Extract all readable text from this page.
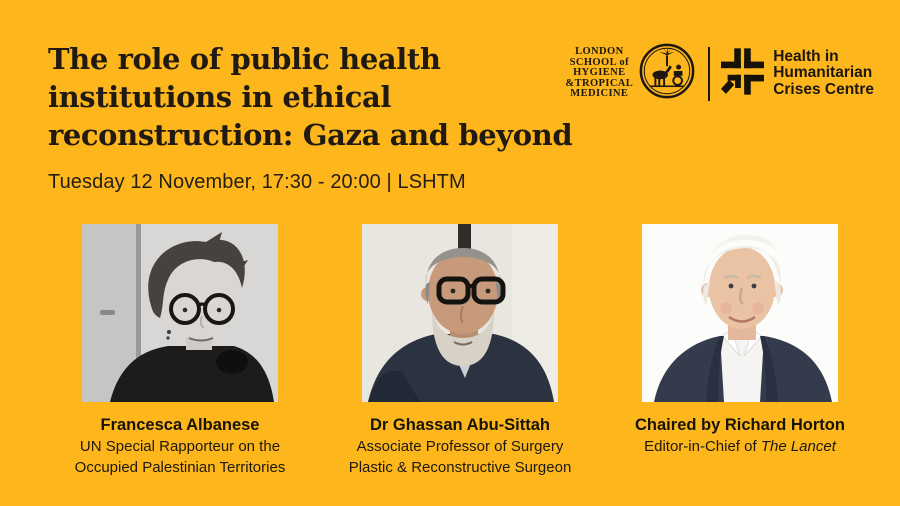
The role of public health
institutions in ethical
reconstruction: Gaza and beyond
Tuesday 12 November, 17:30 - 20:00 | LSHTM
LONDON
SCHOOL of
HYGIENE
&TROPICAL
MEDICINE
Health in
Humanitarian
Crises Centre
Francesca Albanese
UN Special Rapporteur on the
Occupied Palestinian Territories
Dr Ghassan Abu-Sittah
Associate Professor of Surgery
Plastic & Reconstructive Surgeon
Chaired by Richard Horton
Editor-in-Chief of The Lancet
